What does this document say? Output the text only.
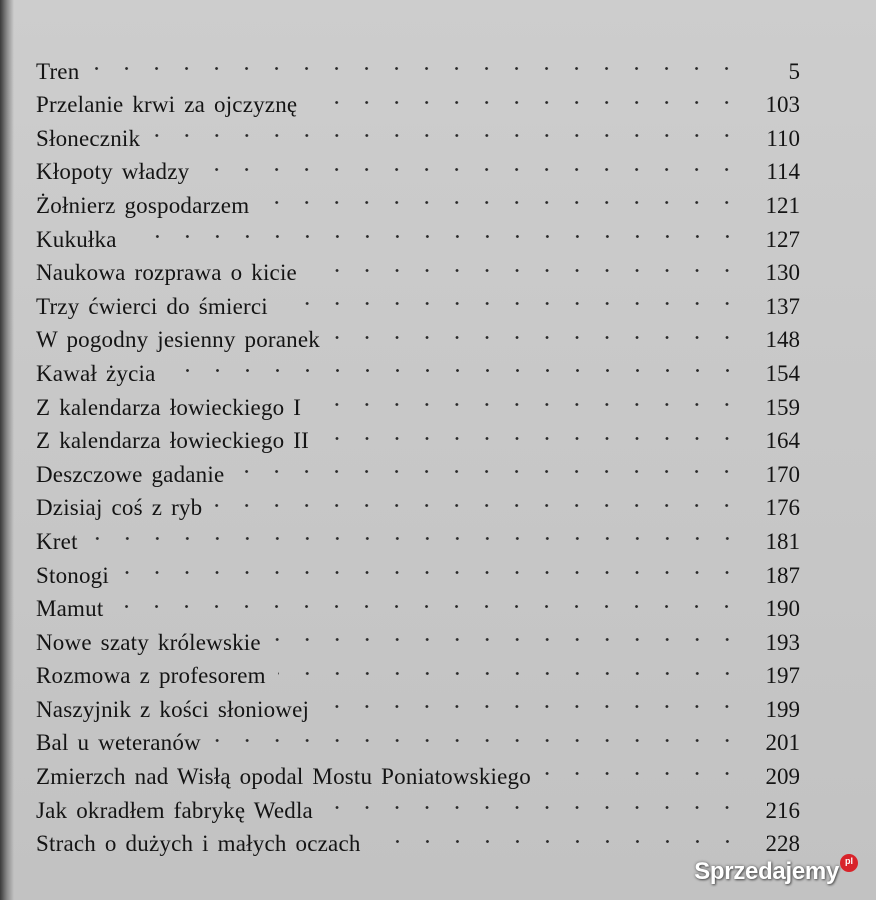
Tren	5
Przelanie krwi za ojczyznę	103
Słonecznik	110
Kłopoty władzy	114
Żołnierz gospodarzem	121
Kukułka	127
Naukowa rozprawa o kicie	130
Trzy ćwierci do śmierci	137
W pogodny jesienny poranek	148
Kawał życia	154
Z kalendarza łowieckiego I	159
Z kalendarza łowieckiego II	164
Deszczowe gadanie	170
Dzisiaj coś z ryb	176
Kret	181
Stonogi	187
Mamut	190
Nowe szaty królewskie	193
Rozmowa z profesorem	197
Naszyjnik z kości słoniowej	199
Bal u weteranów	201
Zmierzch nad Wisłą opodal Mostu Poniatowskiego	209
Jak okradłem fabrykę Wedla	216
Strach o dużych i małych oczach	228
Sprzedajemy pl
